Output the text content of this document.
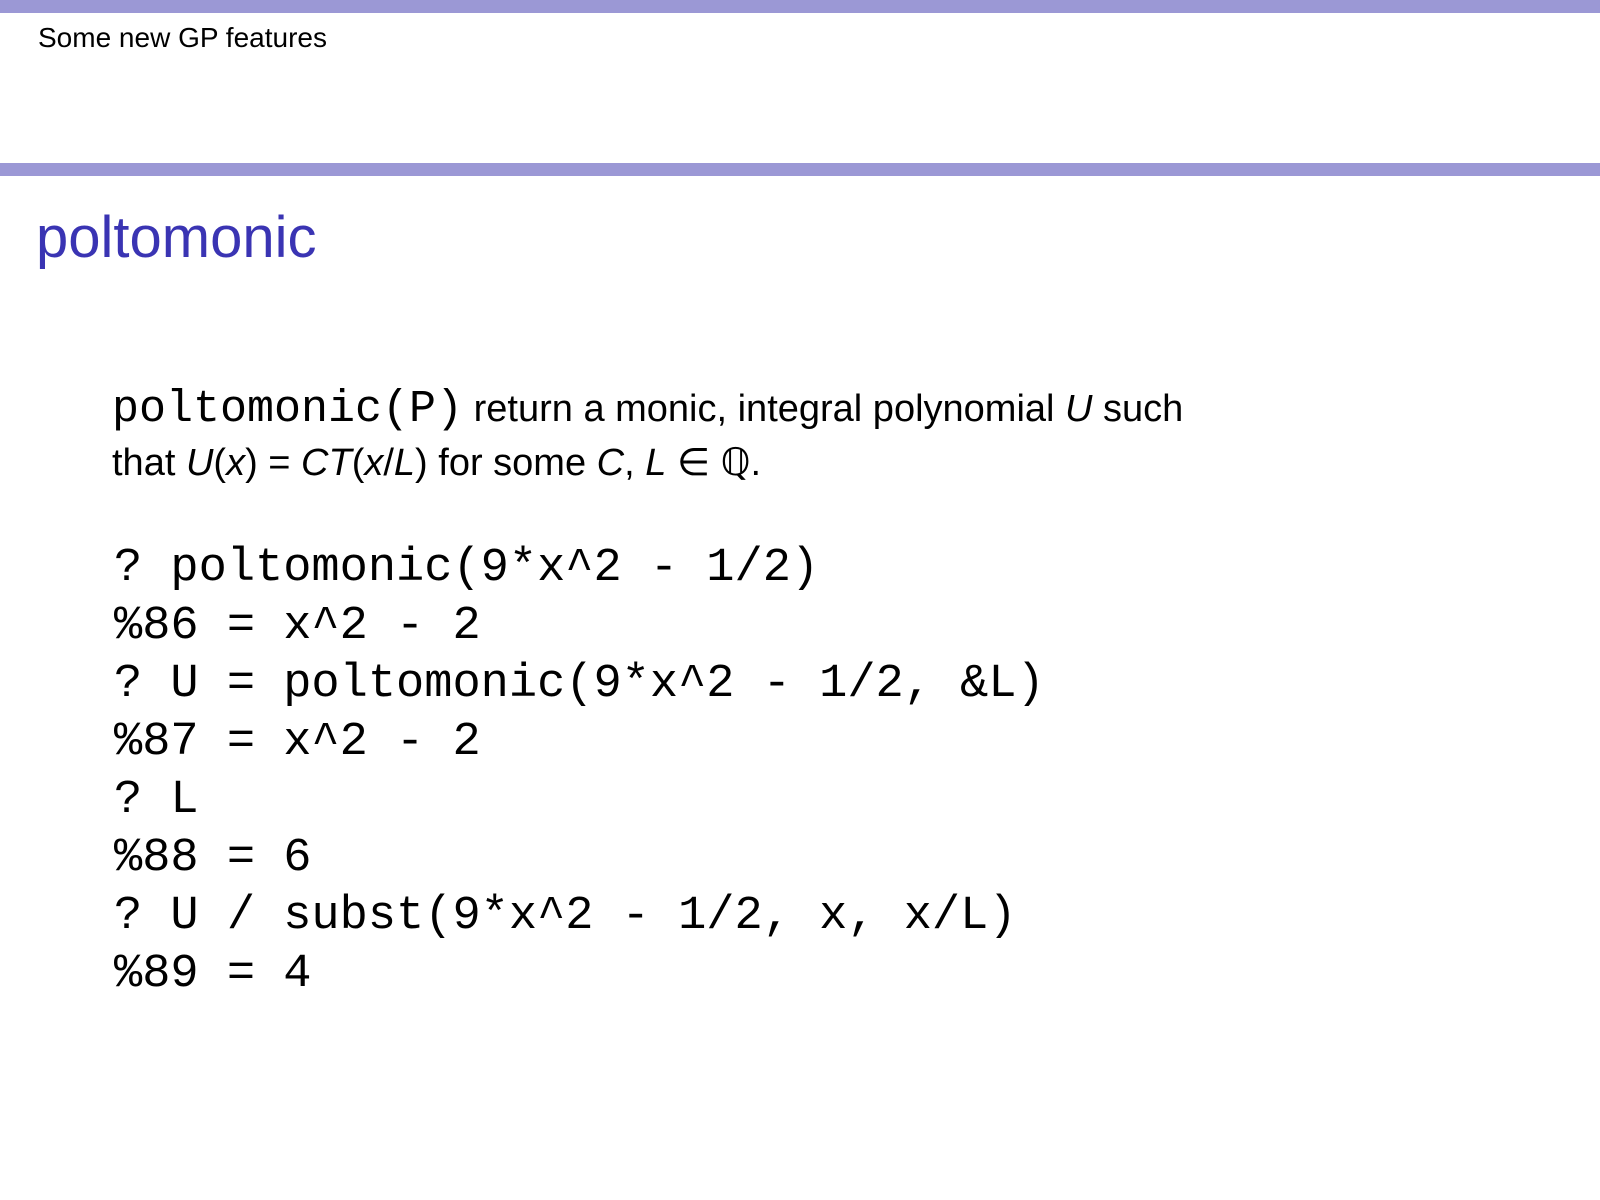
Some new GP features
poltomonic
poltomonic(P) return a monic, integral polynomial U such
that U(x) = CT(x/L) for some C, L ∈ ℚ.
? poltomonic(9*x^2 - 1/2)
%86 = x^2 - 2
? U = poltomonic(9*x^2 - 1/2, &L)
%87 = x^2 - 2
? L
%88 = 6
? U / subst(9*x^2 - 1/2, x, x/L)
%89 = 4
